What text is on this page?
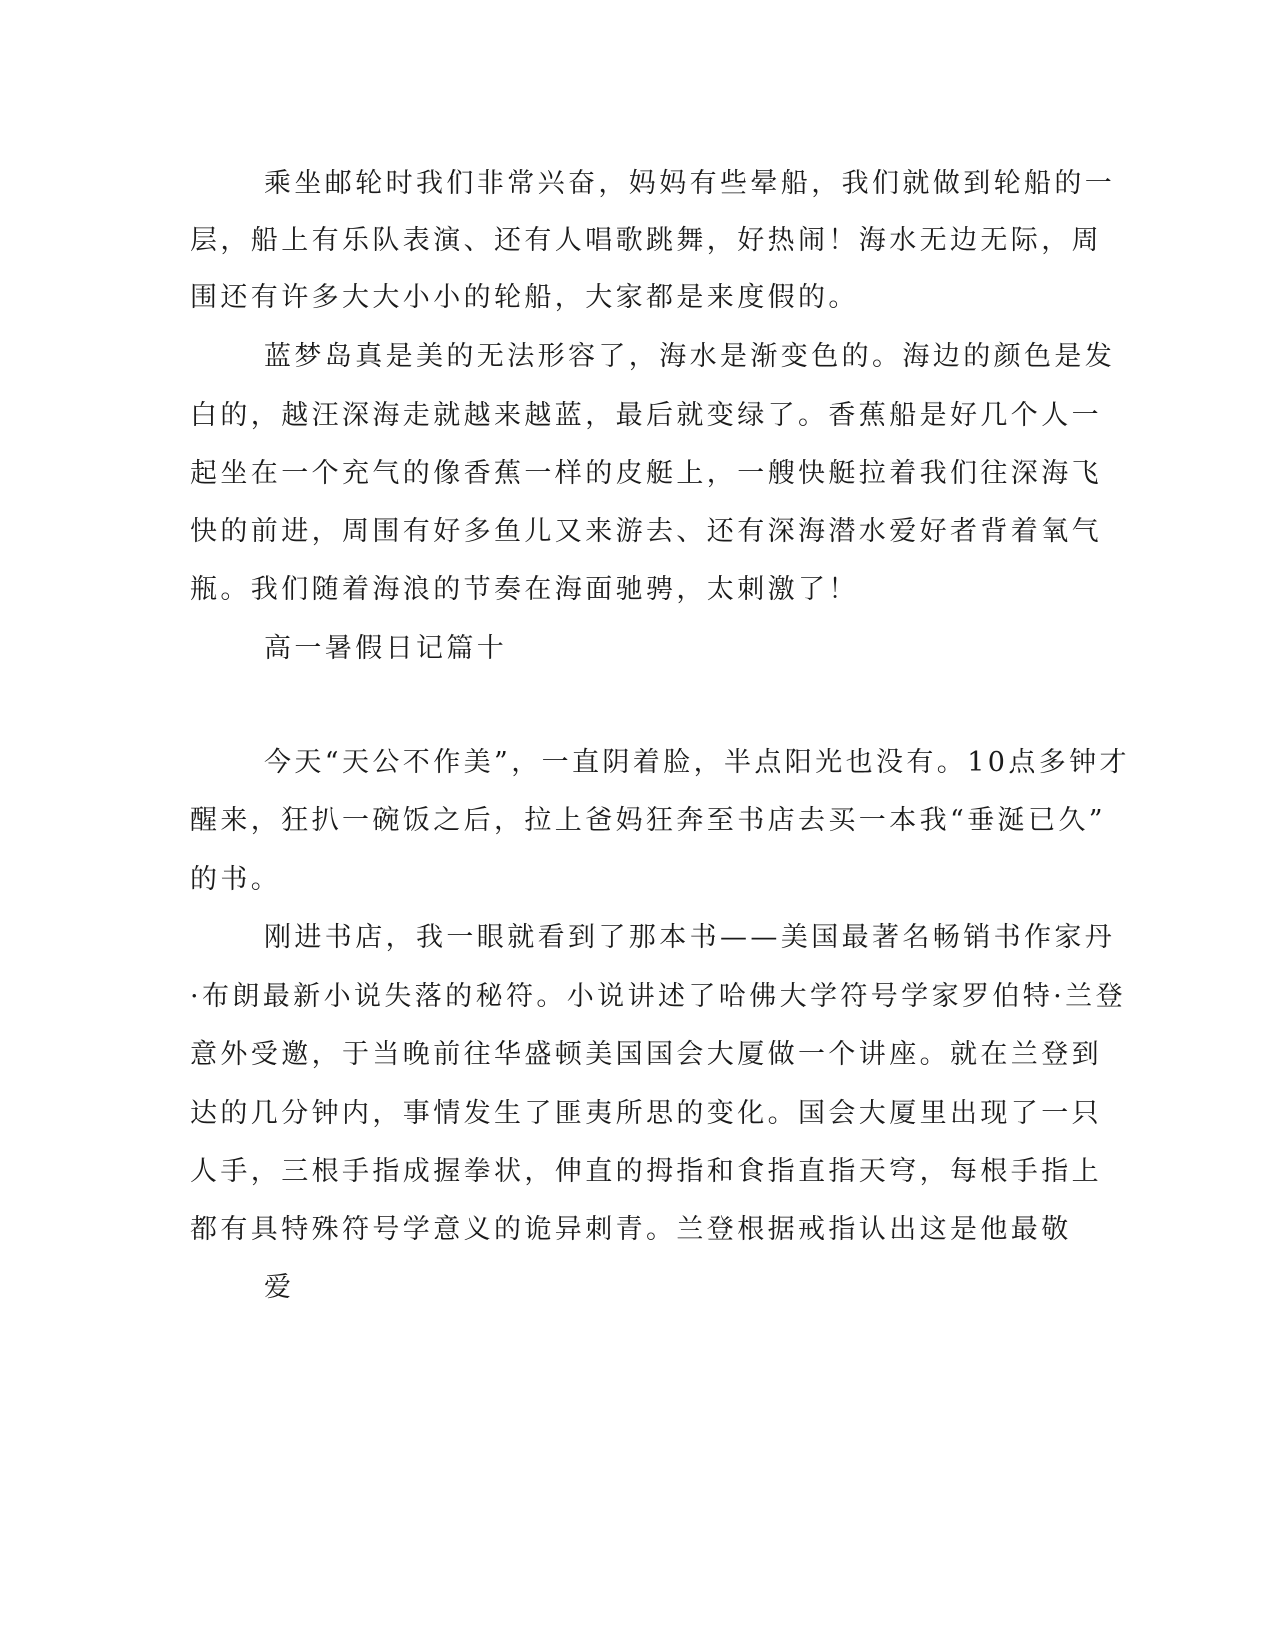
乘坐邮轮时我们非常兴奋，妈妈有些晕船，我们就做到轮船的一
层，船上有乐队表演、还有人唱歌跳舞，好热闹！海水无边无际，周
围还有许多大大小小的轮船，大家都是来度假的。
蓝梦岛真是美的无法形容了，海水是渐变色的。海边的颜色是发
白的，越汪深海走就越来越蓝，最后就变绿了。香蕉船是好几个人一
起坐在一个充气的像香蕉一样的皮艇上，一艘快艇拉着我们往深海飞
快的前进，周围有好多鱼儿又来游去、还有深海潜水爱好者背着氧气
瓶。我们随着海浪的节奏在海面驰骋，太刺激了！
高一暑假日记篇十
今天“天公不作美”，一直阴着脸，半点阳光也没有。10点多钟才
醒来，狂扒一碗饭之后，拉上爸妈狂奔至书店去买一本我“垂涎已久”
的书。
刚进书店，我一眼就看到了那本书——美国最著名畅销书作家丹
·布朗最新小说失落的秘符。小说讲述了哈佛大学符号学家罗伯特·兰登
意外受邀，于当晚前往华盛顿美国国会大厦做一个讲座。就在兰登到
达的几分钟内，事情发生了匪夷所思的变化。国会大厦里出现了一只
人手，三根手指成握拳状，伸直的拇指和食指直指天穹，每根手指上
都有具特殊符号学意义的诡异刺青。兰登根据戒指认出这是他最敬
爱
